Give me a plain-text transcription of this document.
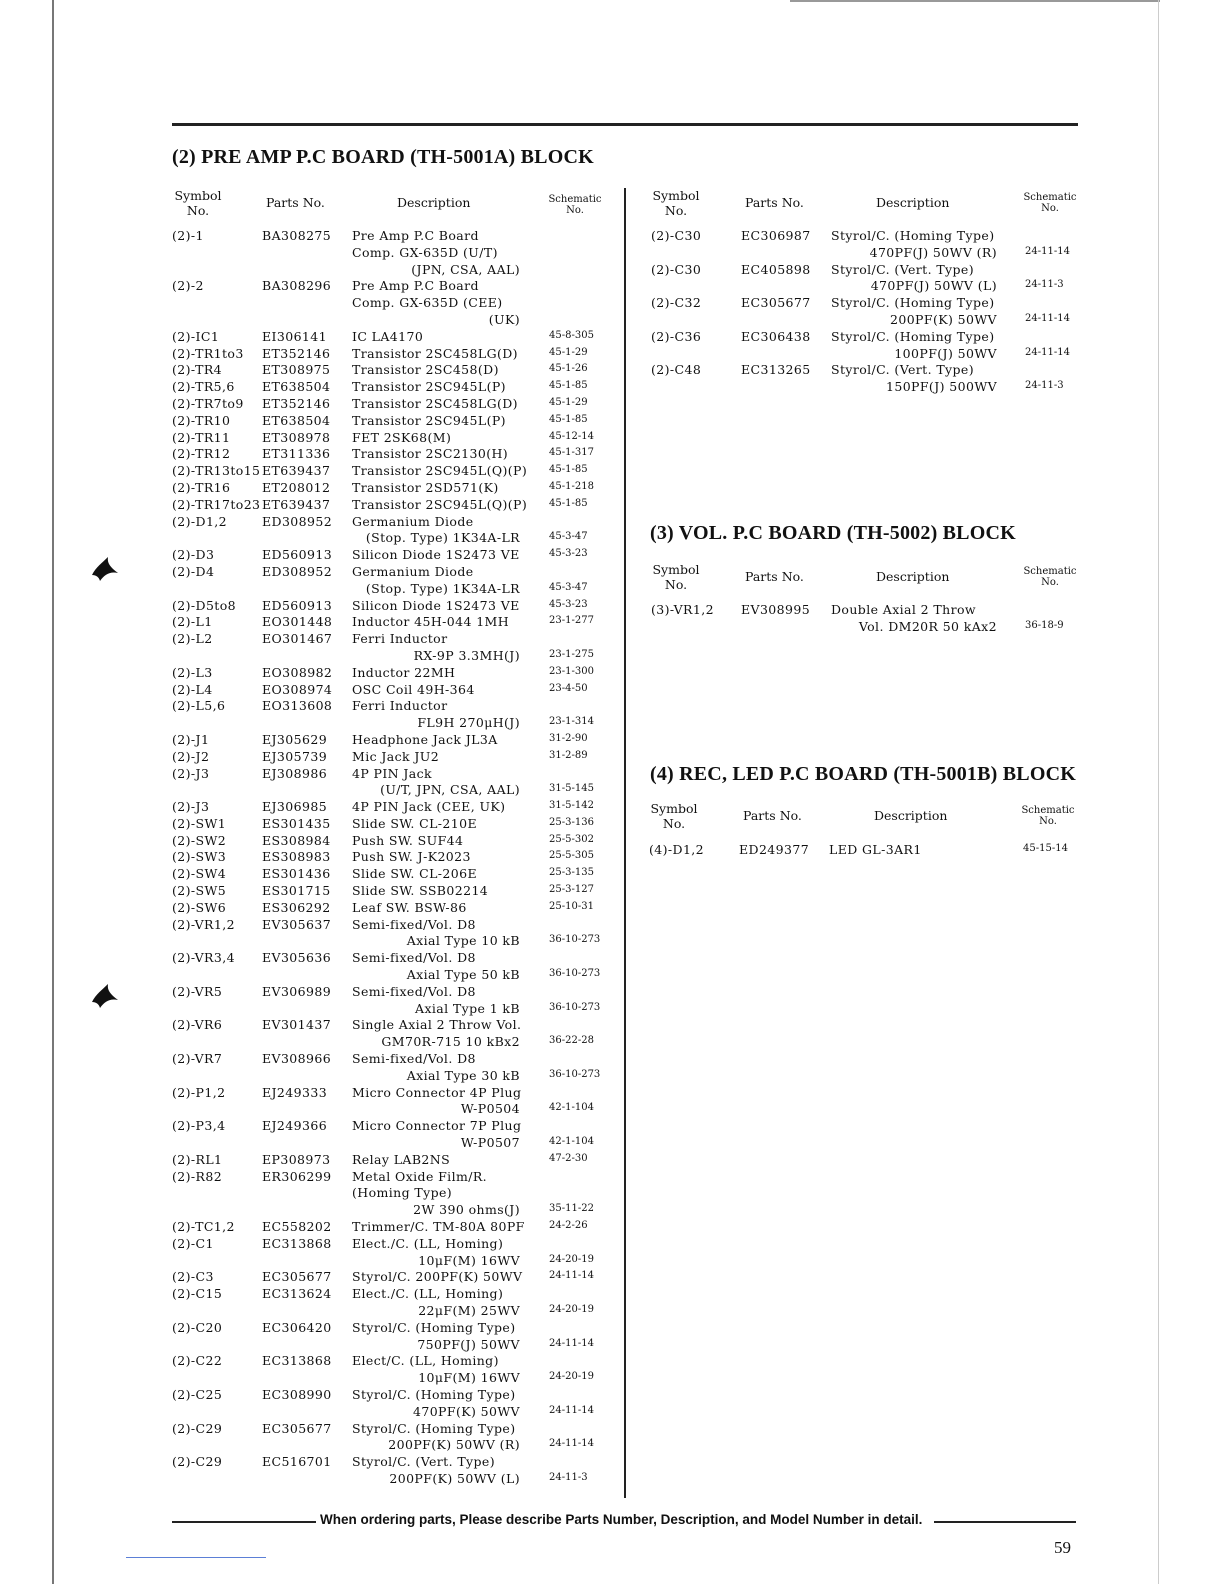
(2) PRE AMP P.C BOARD (TH-5001A) BLOCK
Symbol
No.
Parts No.	Description	Schematic
No.
(2)-1	BA308275 Pre Amp P.C Board
Comp. GX-635D (U/T)
(JPN, CSA, AAL)
(2)-2	BA308296 Pre Amp P.C Board
Comp. GX-635D (CEE)
(UK)
(2)-IC1	EI306141 IC LA4170	45-8-305
(2)-TR1to3 ET352146 Transistor 2SC458LG(D)	45-1-29
(2)-TR4	ET308975 Transistor 2SC458(D)	45-1-26
(2)-TR5,6 ET638504 Transistor 2SC945L(P)	45-1-85
(2)-TR7to9 ET352146 Transistor 2SC458LG(D)	45-1-29
(2)-TR10	ET638504 Transistor 2SC945L(P)	45-1-85
(2)-TR11	ET308978 FET 2SK68(M)	45-12-14
(2)-TR12	ET311336 Transistor 2SC2130(H)	45-1-317
(2)-TR13to15 ET639437 Transistor 2SC945L(Q)(P) 45-1-85
(2)-TR16	ET208012 Transistor 2SD571(K)	45-1-218
(2)-TR17to23 ET639437 Transistor 2SC945L(Q)(P) 45-1-85
(2)-D1,2	ED308952 Germanium Diode
(Stop. Type) 1K34A-LR	45-3-47
(2)-D3	ED560913 Silicon Diode 1S2473 VE	45-3-23
(2)-D4	ED308952 Germanium Diode
(Stop. Type) 1K34A-LR	45-3-47
(2)-D5to8 ED560913 Silicon Diode 1S2473 VE	45-3-23
(2)-L1	EO301448 Inductor 45H-044 1MH	23-1-277
(2)-L2	EO301467 Ferri Inductor
RX-9P 3.3MH(J)	23-1-275
(2)-L3	EO308982 Inductor 22MH	23-1-300
(2)-L4	EO308974 OSC Coil 49H-364	23-4-50
(2)-L5,6	EO313608 Ferri Inductor
FL9H 270μH(J)	23-1-314
(2)-J1	EJ305629 Headphone Jack JL3A	31-2-90
(2)-J2	EJ305739 Mic Jack JU2	31-2-89
(2)-J3	EJ308986 4P PIN Jack
(U/T, JPN, CSA, AAL)	31-5-145
(2)-J3	EJ306985 4P PIN Jack (CEE, UK)	31-5-142
(2)-SW1	ES301435 Slide SW. CL-210E	25-3-136
(2)-SW2	ES308984 Push SW. SUF44	25-5-302
(2)-SW3	ES308983 Push SW. J-K2023	25-5-305
(2)-SW4	ES301436 Slide SW. CL-206E	25-3-135
(2)-SW5	ES301715 Slide SW. SSB02214	25-3-127
(2)-SW6	ES306292 Leaf SW. BSW-86	25-10-31
(2)-VR1,2 EV305637 Semi-fixed/Vol. D8
Axial Type 10 kB	36-10-273
(2)-VR3,4 EV305636 Semi-fixed/Vol. D8
Axial Type 50 kB	36-10-273
(2)-VR5	EV306989 Semi-fixed/Vol. D8
Axial Type 1 kB	36-10-273
(2)-VR6	EV301437 Single Axial 2 Throw Vol.
GM70R-715 10 kBx2	36-22-28
(2)-VR7	EV308966 Semi-fixed/Vol. D8
Axial Type 30 kB	36-10-273
(2)-P1,2	EJ249333 Micro Connector 4P Plug
W-P0504	42-1-104
(2)-P3,4	EJ249366 Micro Connector 7P Plug
W-P0507	42-1-104
(2)-RL1	EP308973 Relay LAB2NS	47-2-30
(2)-R82	ER306299 Metal Oxide Film/R.
(Homing Type)
2W 390 ohms(J)	35-11-22
(2)-TC1,2 EC558202 Trimmer/C. TM-80A 80PF 24-2-26
(2)-C1	EC313868 Elect./C. (LL, Homing)
10μF(M) 16WV	24-20-19
(2)-C3	EC305677 Styrol/C. 200PF(K) 50WV	24-11-14
(2)-C15	EC313624 Elect./C. (LL, Homing)
22μF(M) 25WV	24-20-19
(2)-C20	EC306420 Styrol/C. (Homing Type)
750PF(J) 50WV	24-11-14
(2)-C22	EC313868 Elect/C. (LL, Homing)
10μF(M) 16WV	24-20-19
(2)-C25	EC308990 Styrol/C. (Homing Type)
470PF(K) 50WV	24-11-14
(2)-C29	EC305677 Styrol/C. (Homing Type)
200PF(K) 50WV (R)	24-11-14
(2)-C29	EC516701 Styrol/C. (Vert. Type)
200PF(K) 50WV (L)	24-11-3
Symbol
No.
Parts No.	Description	Schematic
No.
(2)-C30	EC306987 Styrol/C. (Homing Type)
470PF(J) 50WV (R)	24-11-14
(2)-C30	EC405898 Styrol/C. (Vert. Type)
470PF(J) 50WV (L)	24-11-3
(2)-C32	EC305677 Styrol/C. (Homing Type)
200PF(K) 50WV	24-11-14
(2)-C36	EC306438 Styrol/C. (Homing Type)
100PF(J) 50WV	24-11-14
(2)-C48	EC313265 Styrol/C. (Vert. Type)
150PF(J) 500WV	24-11-3
(3) VOL. P.C BOARD (TH-5002) BLOCK
Symbol
No.
Parts No.	Description	Schematic
No.
(3)-VR1,2 EV308995 Double Axial 2 Throw
Vol. DM20R 50 kAx2	36-18-9
(4) REC, LED P.C BOARD (TH-5001B) BLOCK
Symbol
No.
Parts No.	Description	Schematic
No.
(4)-D1,2	ED249377 LED GL-3AR1	45-15-14
When ordering parts, Please describe Parts Number, Description, and Model Number in detail.
59
